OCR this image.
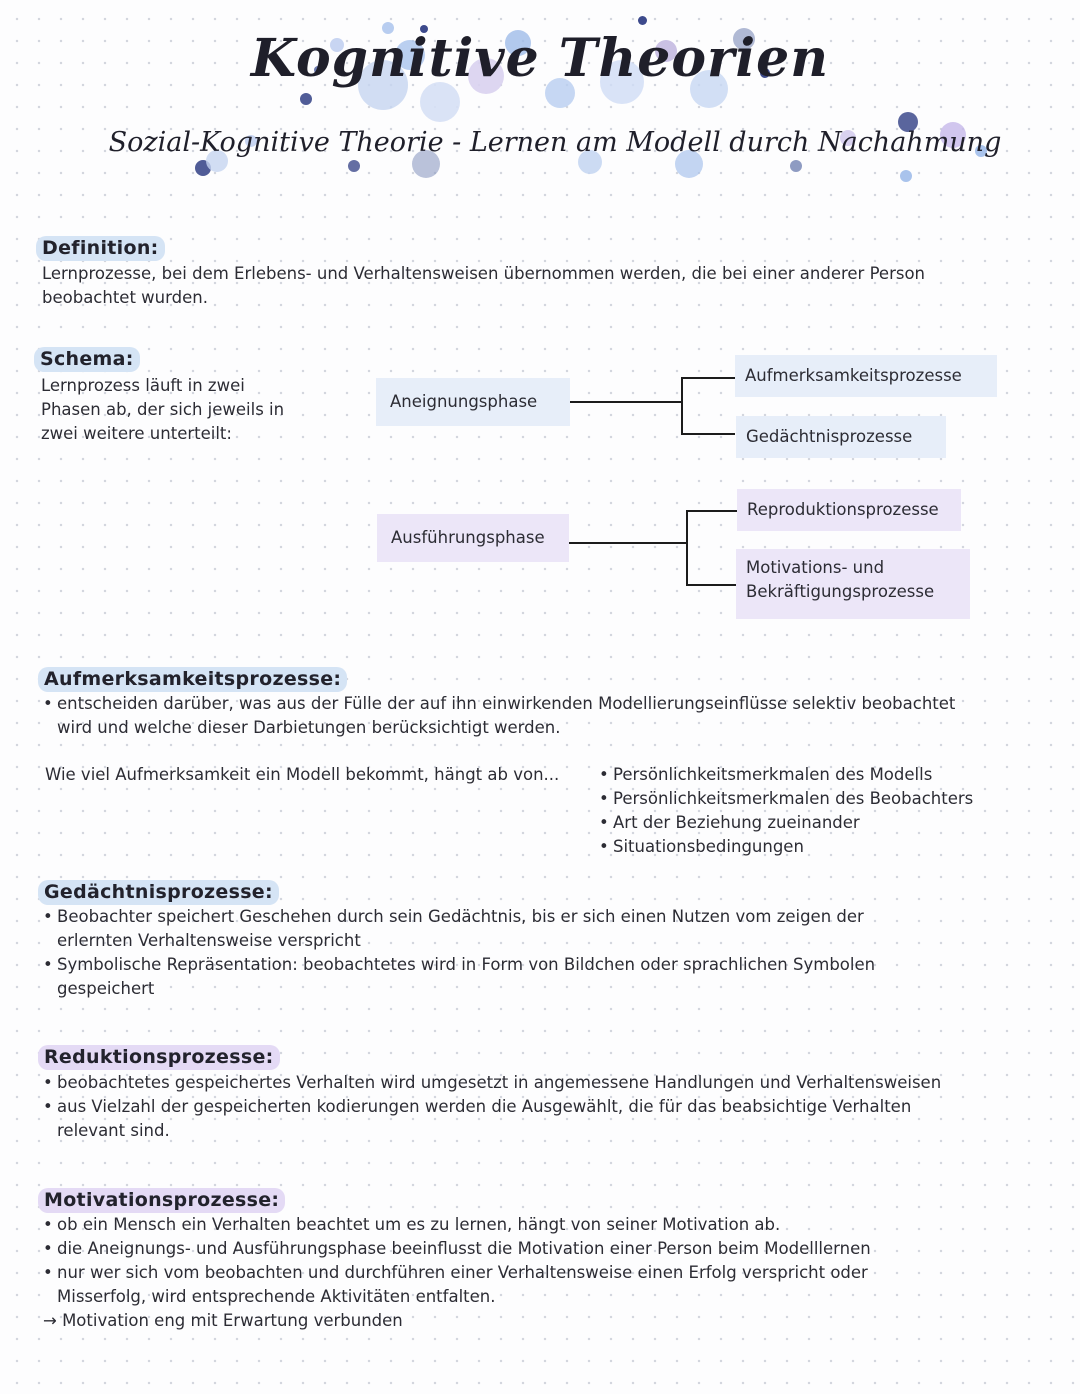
Kognitive Theorien
Sozial-Kognitive Theorie - Lernen am Modell durch Nachahmung
Definition:
Lernprozesse, bei dem Erlebens- und Verhaltensweisen übernommen werden, die bei einer anderer Person
beobachtet wurden.
Schema:
Lernprozess läuft in zwei
Phasen ab, der sich jeweils in
zwei weitere unterteilt:
Aneignungsphase
Aufmerksamkeitsprozesse
Gedächtnisprozesse
Ausführungsphase
Reproduktionsprozesse
Motivations- und
Bekräftigungsprozesse
Aufmerksamkeitsprozesse:
• entscheiden darüber, was aus der Fülle der auf ihn einwirkenden Modellierungseinflüsse selektiv beobachtet
wird und welche dieser Darbietungen berücksichtigt werden.
Wie viel Aufmerksamkeit ein Modell bekommt, hängt ab von...
•	Persönlichkeitsmerkmalen des Modells
• Persönlichkeitsmerkmalen des Beobachters
• Art der Beziehung zueinander
• Situationsbedingungen
Gedächtnisprozesse:
• Beobachter speichert Geschehen durch sein Gedächtnis, bis er sich einen Nutzen vom zeigen der
erlernten Verhaltensweise verspricht
• Symbolische Repräsentation: beobachtetes wird in Form von Bildchen oder sprachlichen Symbolen
gespeichert
Reduktionsprozesse:
• beobachtetes gespeichertes Verhalten wird umgesetzt in angemessene Handlungen und Verhaltensweisen
• aus Vielzahl der gespeicherten kodierungen werden die Ausgewählt, die für das beabsichtige Verhalten
relevant sind.
Motivationsprozesse:
• ob ein Mensch ein Verhalten beachtet um es zu lernen, hängt von seiner Motivation ab.
• die Aneignungs- und Ausführungsphase beeinflusst die Motivation einer Person beim Modelllernen
• nur wer sich vom beobachten und durchführen einer Verhaltensweise einen Erfolg verspricht oder
Misserfolg, wird entsprechende Aktivitäten entfalten.
→ Motivation eng mit Erwartung verbunden
